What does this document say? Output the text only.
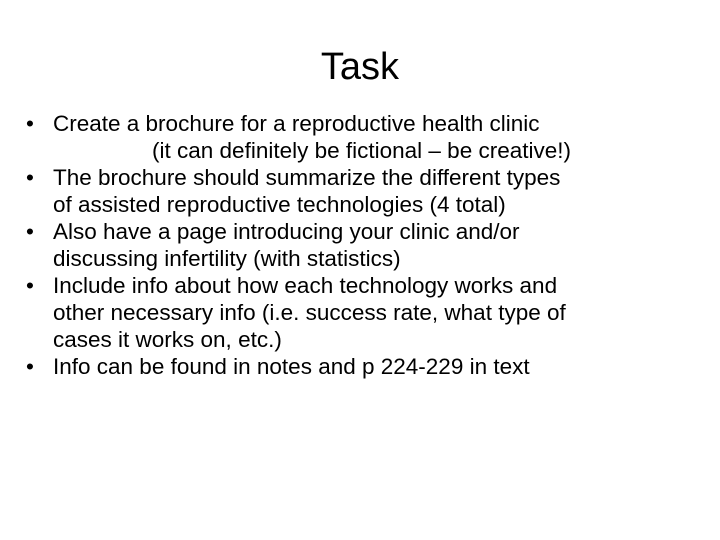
Task
• Create a brochure for a reproductive health clinic
(it can definitely be fictional – be creative!)
• The brochure should summarize the different types
of assisted reproductive technologies (4 total)
• Also have a page introducing your clinic and/or
discussing infertility (with statistics)
• Include info about how each technology works and
other necessary info (i.e. success rate, what type of
cases it works on, etc.)
• Info can be found in notes and p 224-229 in text
